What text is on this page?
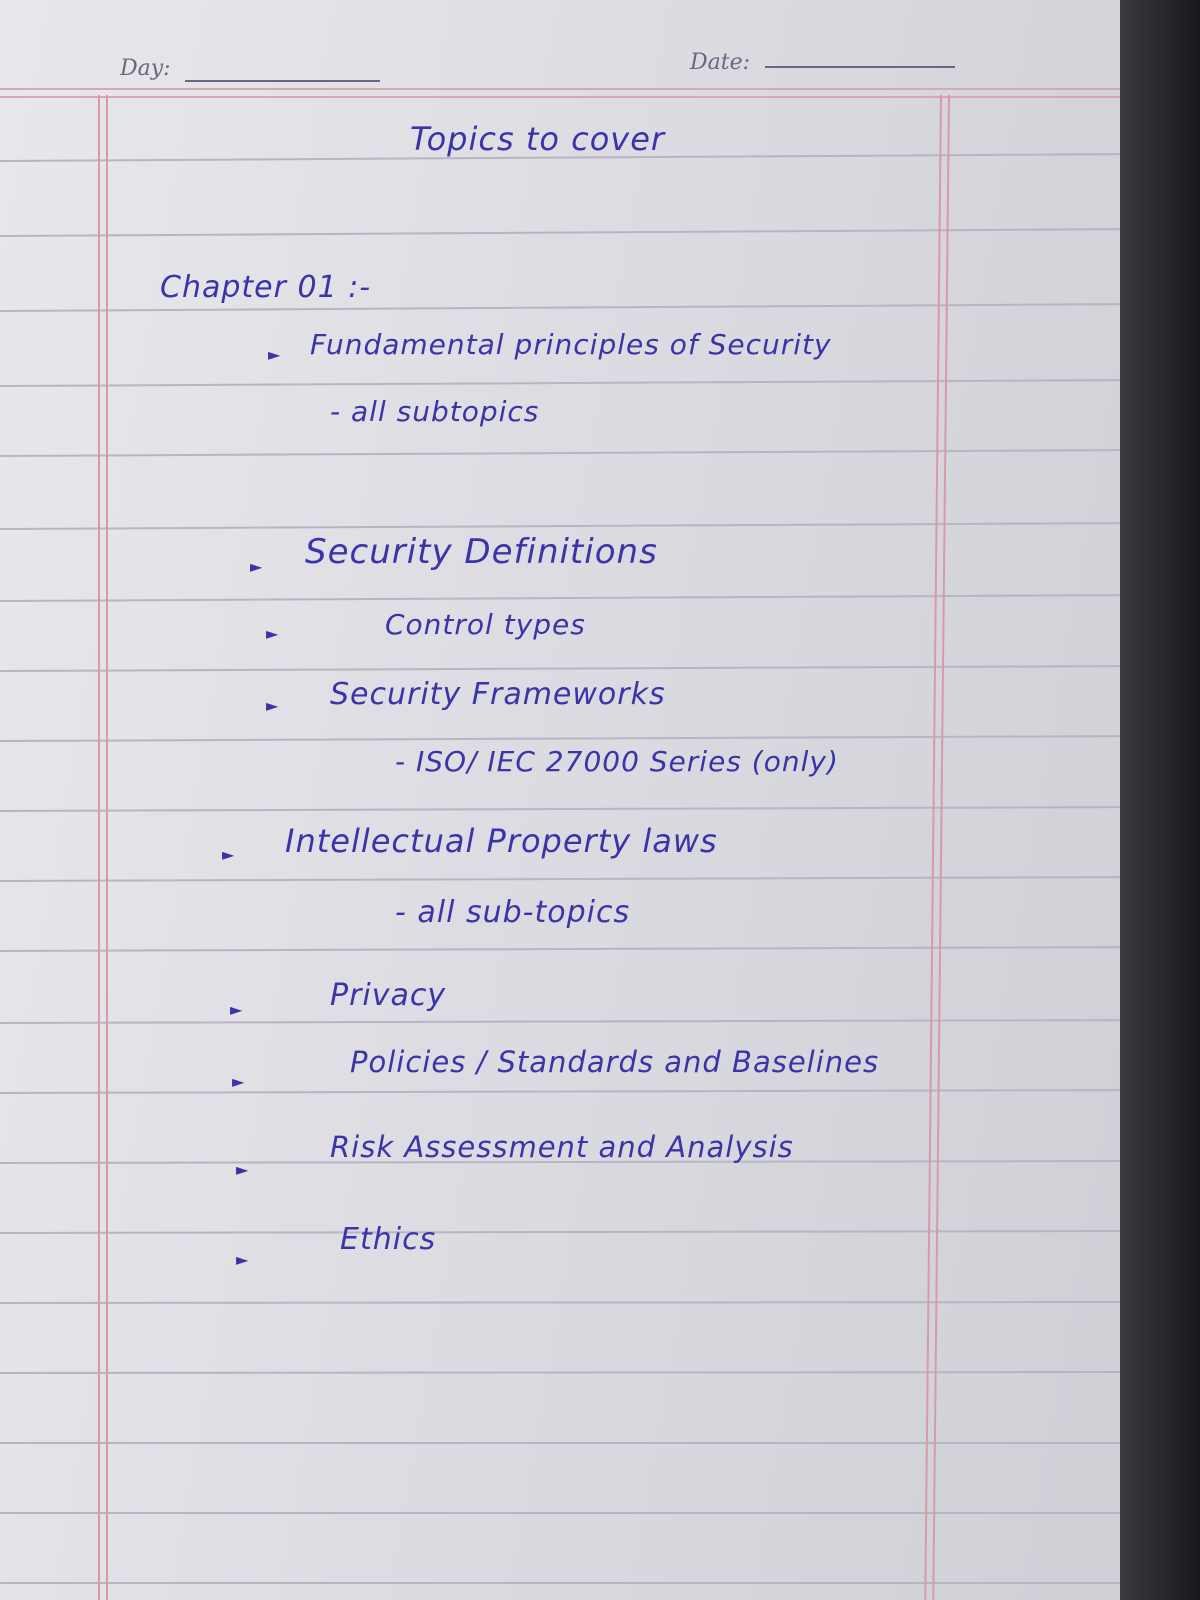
Day:	Date:
Topics to cover
Chapter 01 :-
► Fundamental principles of Security
- all subtopics
► Security Definitions
►	Control types
► Security Frameworks
- ISO/ IEC 27000 Series (only)
► Intellectual Property laws
- all sub-topics
►	Privacy
►
Policies / Standards and Baselines
►
Risk Assessment and Analysis
►
Ethics
